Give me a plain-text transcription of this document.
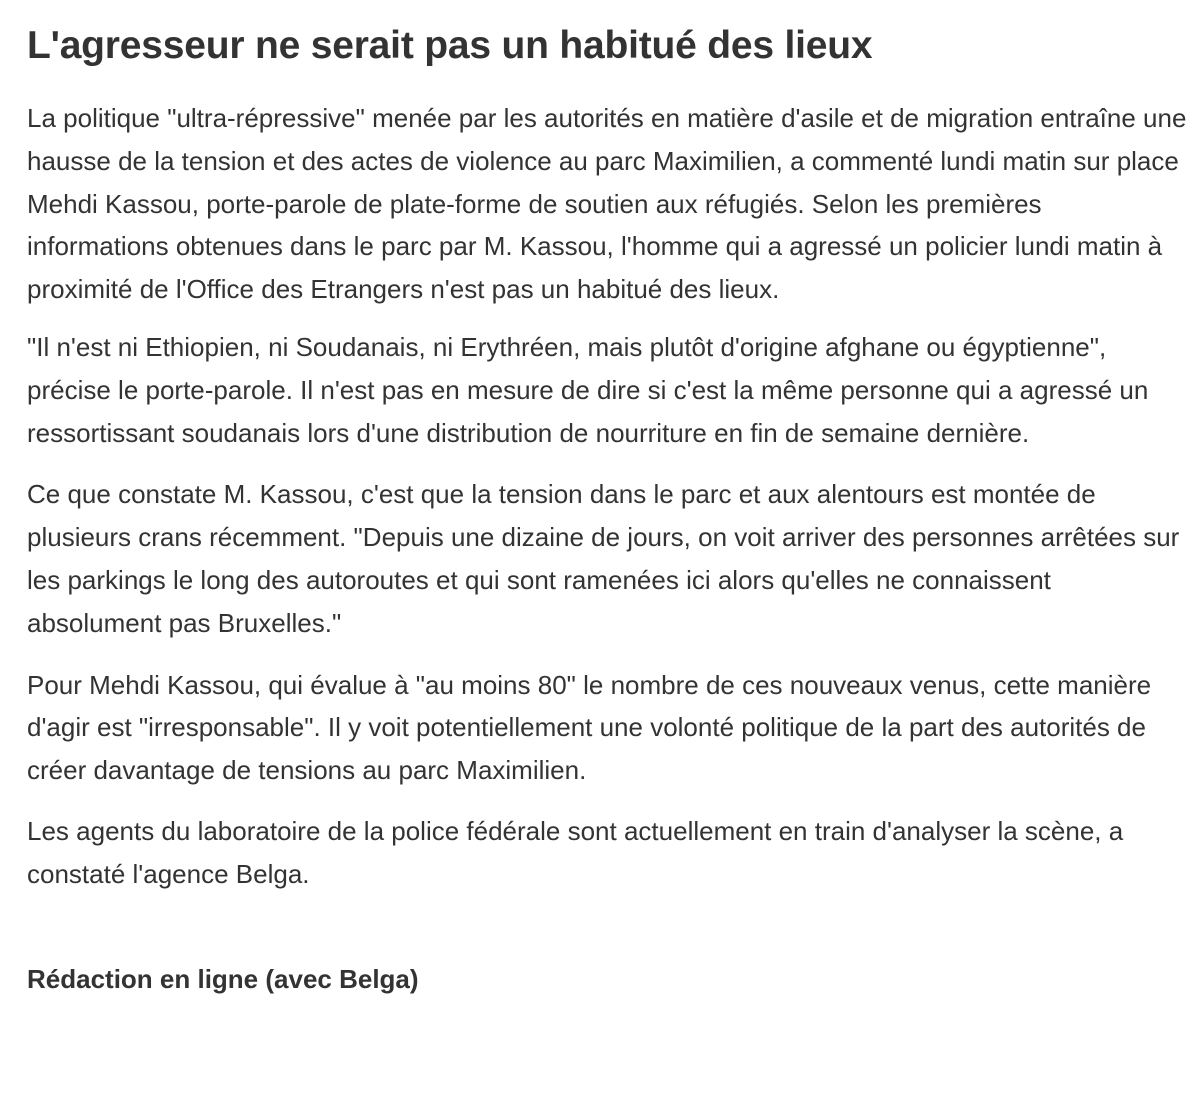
L'agresseur ne serait pas un habitué des lieux

La politique "ultra-répressive" menée par les autorités en matière d'asile et de migration entraîne une hausse de la tension et des actes de violence au parc Maximilien, a commenté lundi matin sur place Mehdi Kassou, porte-parole de plate-forme de soutien aux réfugiés. Selon les premières informations obtenues dans le parc par M. Kassou, l'homme qui a agressé un policier lundi matin à proximité de l'Office des Etrangers n'est pas un habitué des lieux.

"Il n'est ni Ethiopien, ni Soudanais, ni Erythréen, mais plutôt d'origine afghane ou égyptienne", précise le porte-parole. Il n'est pas en mesure de dire si c'est la même personne qui a agressé un ressortissant soudanais lors d'une distribution de nourriture en fin de semaine dernière.

Ce que constate M. Kassou, c'est que la tension dans le parc et aux alentours est montée de plusieurs crans récemment. "Depuis une dizaine de jours, on voit arriver des personnes arrêtées sur les parkings le long des autoroutes et qui sont ramenées ici alors qu'elles ne connaissent absolument pas Bruxelles."

Pour Mehdi Kassou, qui évalue à "au moins 80" le nombre de ces nouveaux venus, cette manière d'agir est "irresponsable". Il y voit potentiellement une volonté politique de la part des autorités de créer davantage de tensions au parc Maximilien.

Les agents du laboratoire de la police fédérale sont actuellement en train d'analyser la scène, a constaté l'agence Belga.

Rédaction en ligne (avec Belga)
